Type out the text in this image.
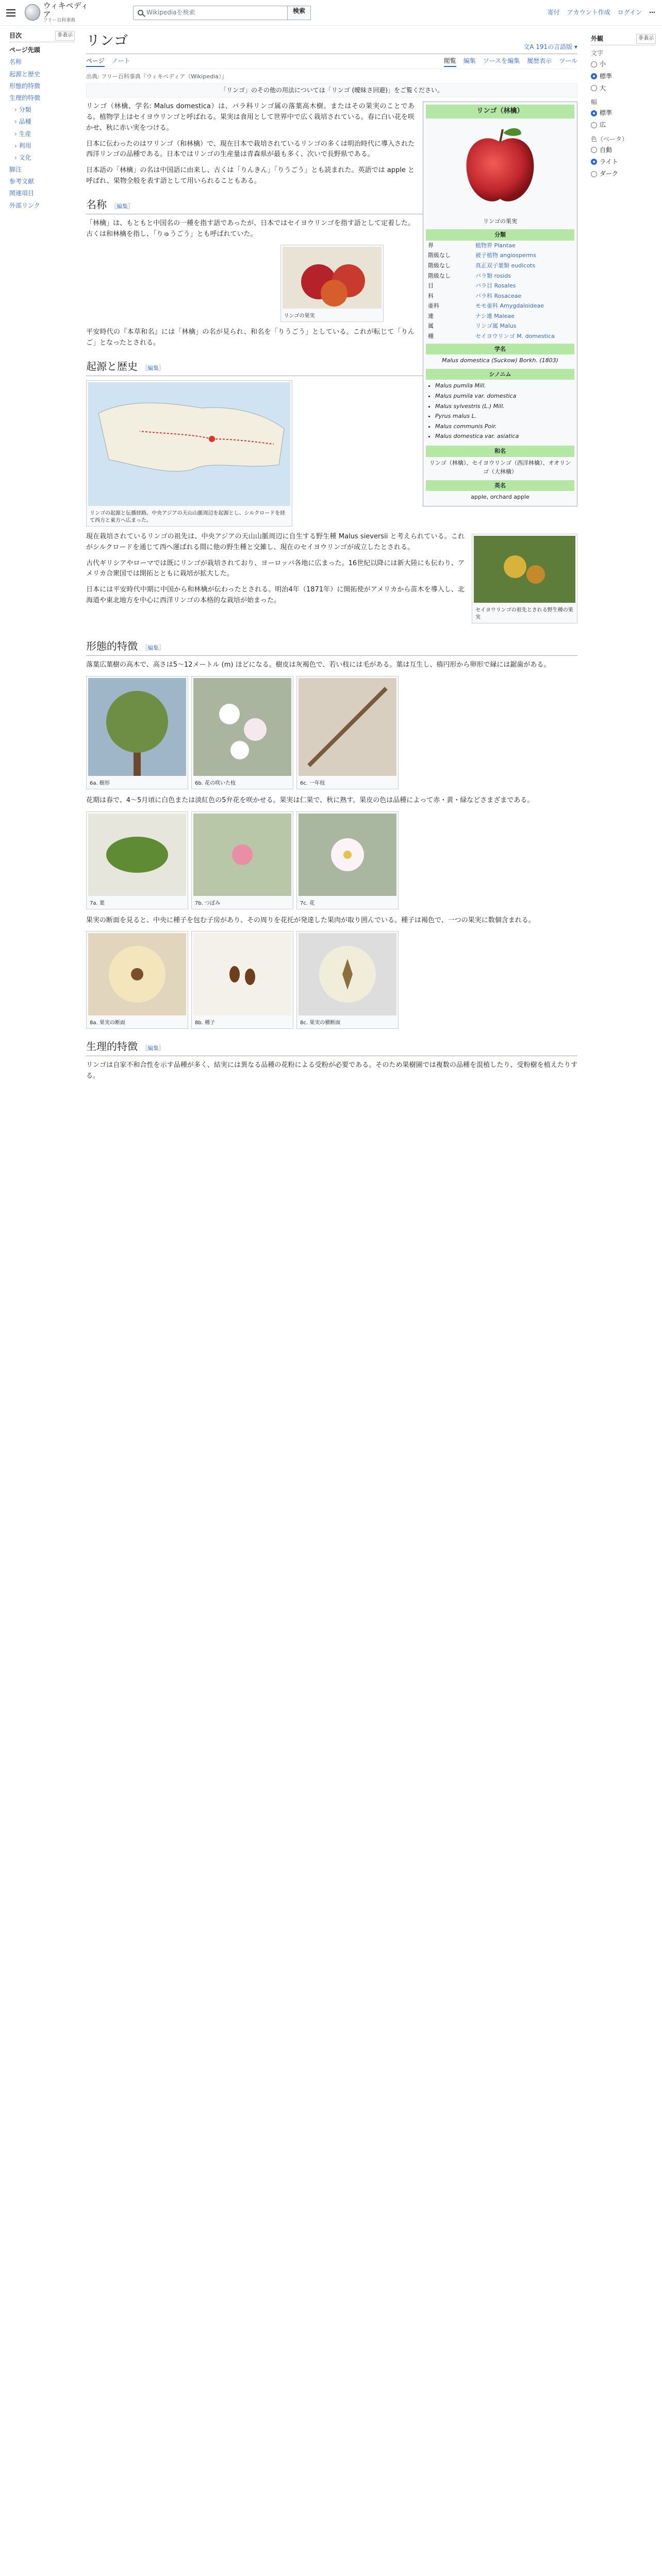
ウィキペディア
フリー百科事典
Wikipediaを検索	検索	寄付 アカウント作成 ログイン ⋯
目次	非表示
ページ先頭
名称
起源と歴史
形態的特徴
生理的特徴
› 分類
› 品種
› 生産
› 利用
› 文化
脚注
参考文献
関連項目
外部リンク
リンゴ	文A 191の言語版 ▾
ページ ノート	閲覧 編集 ソースを編集 履歴表示 ツール
出典: フリー百科事典『ウィキペディア（Wikipedia）』
「リンゴ」のその他の用法については「リンゴ (曖昧さ回避)」をご覧ください。
リンゴ（林檎）
リンゴの果実
分類
界	植物界 Plantae
階級なし	被子植物 angiosperms
階級なし	真正双子葉類 eudicots
階級なし	バラ類 rosids
目	バラ目 Rosales
科	バラ科 Rosaceae
亜科	モモ亜科 Amygdaloideae
連	ナシ連 Maleae
属	リンゴ属 Malus
種	セイヨウリンゴ M. domestica
学名
Malus domestica (Suckow) Borkh. (1803)
シノニム
• Malus pumila Mill.
• Malus pumila var. domestica
• Malus sylvestris (L.) Mill.
• Pyrus malus L.
• Malus communis Poir.
• Malus domestica var. asiatica
和名
リンゴ（林檎）、セイヨウリンゴ（西洋林檎）、オオリンゴ（大林檎）
英名
apple, orchard apple

リンゴ（林檎、学名: Malus domestica）は、バラ科リンゴ属の落葉高木樹。またはその果実のことである。植物学上はセイヨウリンゴと呼ばれる。果実は食用として世界中で広く栽培されている。春に白い花を咲かせ、秋に赤い実をつける。

日本に伝わったのはワリンゴ（和林檎）で、現在日本で栽培されているリンゴの多くは明治時代に導入された西洋リンゴの品種である。日本ではリンゴの生産量は青森県が最も多く、次いで長野県である。

日本語の「林檎」の名は中国語に由来し、古くは「りんきん」「りうごう」とも読まれた。英語では apple と呼ばれ、果物全般を表す語として用いられることもある。

名称 ［編集］

「林檎」は、もともと中国名の一種を指す語であったが、日本ではセイヨウリンゴを指す語として定着した。古くは和林檎を指し、「りゅうごう」とも呼ばれていた。

リンゴの果実

平安時代の『本草和名』には「林檎」の名が見られ、和名を「りうごう」としている。これが転じて「りんご」となったとされる。

起源と歴史 ［編集］
リンゴの起源と伝播経路。中央アジアの天山山脈周辺を起源とし、シルクロードを経て西方と東方へ広まった。
セイヨウリンゴの祖先とされる野生種の果実

現在栽培されているリンゴの祖先は、中央アジアの天山山脈周辺に自生する野生種 Malus sieversii と考えられている。これがシルクロードを通じて西へ運ばれる間に他の野生種と交雑し、現在のセイヨウリンゴが成立したとされる。

古代ギリシアやローマでは既にリンゴが栽培されており、ヨーロッパ各地に広まった。16世紀以降には新大陸にも伝わり、アメリカ合衆国では開拓とともに栽培が拡大した。

日本には平安時代中期に中国から和林檎が伝わったとされる。明治4年（1871年）に開拓使がアメリカから苗木を導入し、北海道や東北地方を中心に西洋リンゴの本格的な栽培が始まった。

形態的特徴 ［編集］

落葉広葉樹の高木で、高さは5〜12メートル (m) ほどになる。樹皮は灰褐色で、若い枝には毛がある。葉は互生し、楕円形から卵形で縁には鋸歯がある。

6a. 樹形	6b. 花の咲いた枝	6c. 一年枝

花期は春で、4〜5月頃に白色または淡紅色の5弁花を咲かせる。果実は仁果で、秋に熟す。果皮の色は品種によって赤・黄・緑などさまざまである。

7a. 葉	7b. つぼみ	7c. 花

果実の断面を見ると、中央に種子を包む子房があり、その周りを花托が発達した果肉が取り囲んでいる。種子は褐色で、一つの果実に数個含まれる。

8a. 果実の断面	8b. 種子	8c. 果実の横断面
生理的特徴 ［編集］

リンゴは自家不和合性を示す品種が多く、結実には異なる品種の花粉による受粉が必要である。そのため果樹園では複数の品種を混植したり、受粉樹を植えたりする。

外観	非表示
文字
小
標準
大
幅
標準
広
色（ベータ）
自動
ライト
ダーク
